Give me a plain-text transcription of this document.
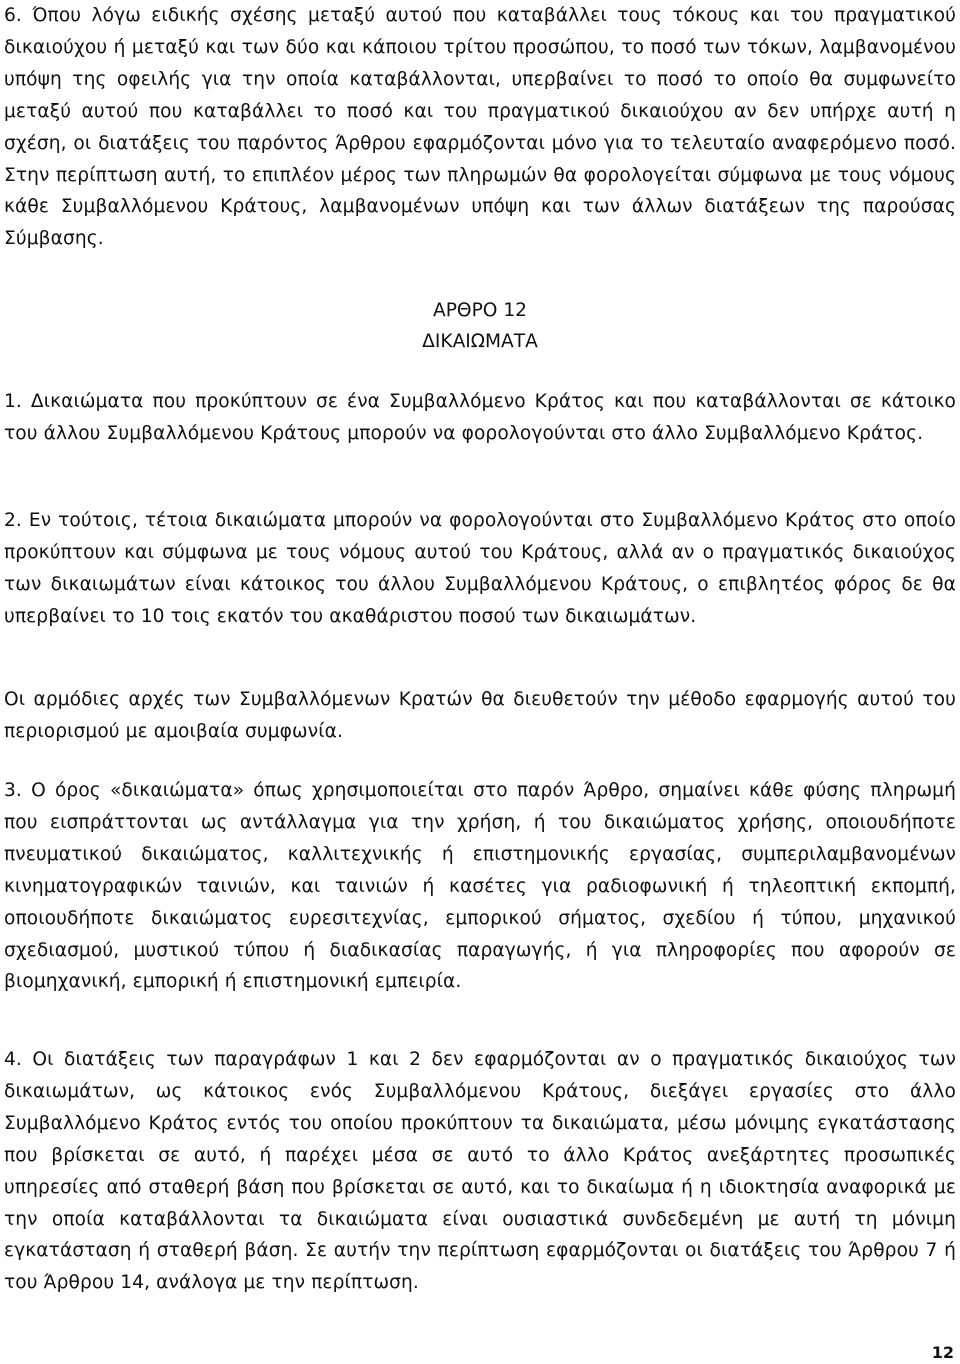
6. Όπου λόγω ειδικής σχέσης μεταξύ αυτού που καταβάλλει τους τόκους και του πραγματικού δικαιούχου ή μεταξύ και των δύο και κάποιου τρίτου προσώπου, το ποσό των τόκων, λαμβανομένου υπόψη της οφειλής για την οποία καταβάλλονται, υπερβαίνει το ποσό το οποίο θα συμφωνείτο μεταξύ αυτού που καταβάλλει το ποσό και του πραγματικού δικαιούχου αν δεν υπήρχε αυτή η σχέση, οι διατάξεις του παρόντος Άρθρου εφαρμόζονται μόνο για το τελευταίο αναφερόμενο ποσό. Στην περίπτωση αυτή, το επιπλέον μέρος των πληρωμών θα φορολογείται σύμφωνα με τους νόμους κάθε Συμβαλλόμενου Κράτους, λαμβανομένων υπόψη και των άλλων διατάξεων της παρούσας Σύμβασης.

ΑΡΘΡΟ 12

ΔΙΚΑΙΩΜΑΤΑ

1. Δικαιώματα που προκύπτουν σε ένα Συμβαλλόμενο Κράτος και που καταβάλλονται σε κάτοικο του άλλου Συμβαλλόμενου Κράτους μπορούν να φορολογούνται στο άλλο Συμβαλλόμενο Κράτος.

2. Εν τούτοις, τέτοια δικαιώματα μπορούν να φορολογούνται στο Συμβαλλόμενο Κράτος στο οποίο προκύπτουν και σύμφωνα με τους νόμους αυτού του Κράτους, αλλά αν ο πραγματικός δικαιούχος των δικαιωμάτων είναι κάτοικος του άλλου Συμβαλλόμενου Κράτους, ο επιβλητέος φόρος δε θα υπερβαίνει το 10 τοις εκατόν του ακαθάριστου ποσού των δικαιωμάτων.

Οι αρμόδιες αρχές των Συμβαλλόμενων Κρατών θα διευθετούν την μέθοδο εφαρμογής αυτού του περιορισμού με αμοιβαία συμφωνία.

3. Ο όρος «δικαιώματα» όπως χρησιμοποιείται στο παρόν Άρθρο, σημαίνει κάθε φύσης πληρωμή που εισπράττονται ως αντάλλαγμα για την χρήση, ή του δικαιώματος χρήσης, οποιουδήποτε πνευματικού δικαιώματος, καλλιτεχνικής ή επιστημονικής εργασίας, συμπεριλαμβανομένων κινηματογραφικών ταινιών, και ταινιών ή κασέτες για ραδιοφωνική ή τηλεοπτική εκπομπή, οποιουδήποτε δικαιώματος ευρεσιτεχνίας, εμπορικού σήματος, σχεδίου ή τύπου, μηχανικού σχεδιασμού, μυστικού τύπου ή διαδικασίας παραγωγής, ή για πληροφορίες που αφορούν σε βιομηχανική, εμπορική ή επιστημονική εμπειρία.

4. Οι διατάξεις των παραγράφων 1 και 2 δεν εφαρμόζονται αν ο πραγματικός δικαιούχος των δικαιωμάτων, ως κάτοικος ενός Συμβαλλόμενου Κράτους, διεξάγει εργασίες στο άλλο Συμβαλλόμενο Κράτος εντός του οποίου προκύπτουν τα δικαιώματα, μέσω μόνιμης εγκατάστασης που βρίσκεται σε αυτό, ή παρέχει μέσα σε αυτό το άλλο Κράτος ανεξάρτητες προσωπικές υπηρεσίες από σταθερή βάση που βρίσκεται σε αυτό, και το δικαίωμα ή η ιδιοκτησία αναφορικά με την οποία καταβάλλονται τα δικαιώματα είναι ουσιαστικά συνδεδεμένη με αυτή τη μόνιμη εγκατάσταση ή σταθερή βάση. Σε αυτήν την περίπτωση εφαρμόζονται οι διατάξεις του Άρθρου 7 ή του Άρθρου 14, ανάλογα με την περίπτωση.

12
